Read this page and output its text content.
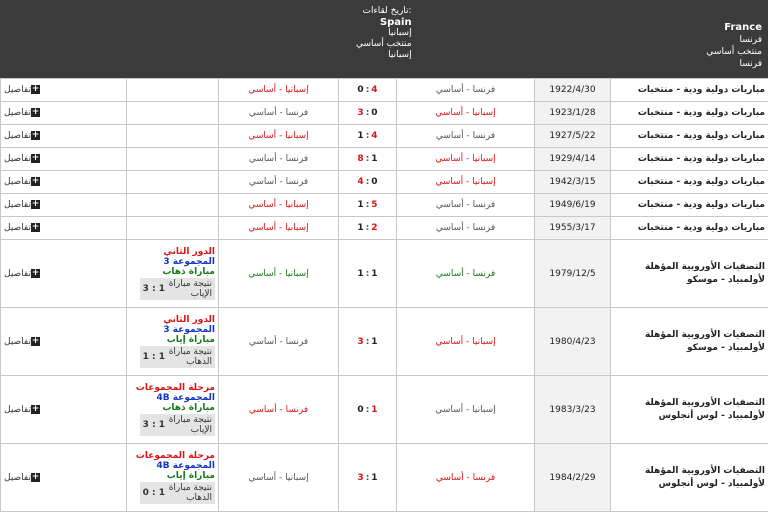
France
فرنسا
منتخب أساسي
فرنسا
تاريخ لقاءات:
Spain
إسبانيا
منتخب أساسي
إسبانيا
مباريات دولية ودية - منتخبات	1922/4/30	فرنسا - أساسي	0 : 4	إسبانيا - أساسي		+تفاصيل
مباريات دولية ودية - منتخبات	1923/1/28	إسبانيا - أساسي	3 : 0	فرنسا - أساسي		+تفاصيل
مباريات دولية ودية - منتخبات	1927/5/22	فرنسا - أساسي	1 : 4	إسبانيا - أساسي		+تفاصيل
مباريات دولية ودية - منتخبات	1929/4/14	إسبانيا - أساسي	8 : 1	فرنسا - أساسي		+تفاصيل
مباريات دولية ودية - منتخبات	1942/3/15	إسبانيا - أساسي	4 : 0	فرنسا - أساسي		+تفاصيل
مباريات دولية ودية - منتخبات	1949/6/19	فرنسا - أساسي	1 : 5	إسبانيا - أساسي		+تفاصيل
مباريات دولية ودية - منتخبات	1955/3/17	فرنسا - أساسي	1 : 2	إسبانيا - أساسي		+تفاصيل
التصفيات الأوروبية المؤهلة لأولمبياد - موسكو	1979/12/5	فرنسا - أساسي	1 : 1	إسبانيا - أساسي	الدور الثاني
المجموعة 3
مباراة ذهاب
نتيجة مباراة الإياب1 : 3	+تفاصيل
التصفيات الأوروبية المؤهلة لأولمبياد - موسكو	1980/4/23	إسبانيا - أساسي	3 : 1	فرنسا - أساسي	الدور الثاني
المجموعة 3
مباراة إياب
نتيجة مباراة الذهاب1 : 1	+تفاصيل
التصفيات الأوروبية المؤهلة لأولمبياد - لوس أنجلوس	1983/3/23	إسبانيا - أساسي	0 : 1	فرنسا - أساسي	مرحلة المجموعات
المجموعة 4B
مباراة ذهاب
نتيجة مباراة الإياب1 : 3	+تفاصيل
التصفيات الأوروبية المؤهلة لأولمبياد - لوس أنجلوس	1984/2/29	فرنسا - أساسي	3 : 1	إسبانيا - أساسي	مرحلة المجموعات
المجموعة 4B
مباراة إياب
نتيجة مباراة الذهاب1 : 0	+تفاصيل
